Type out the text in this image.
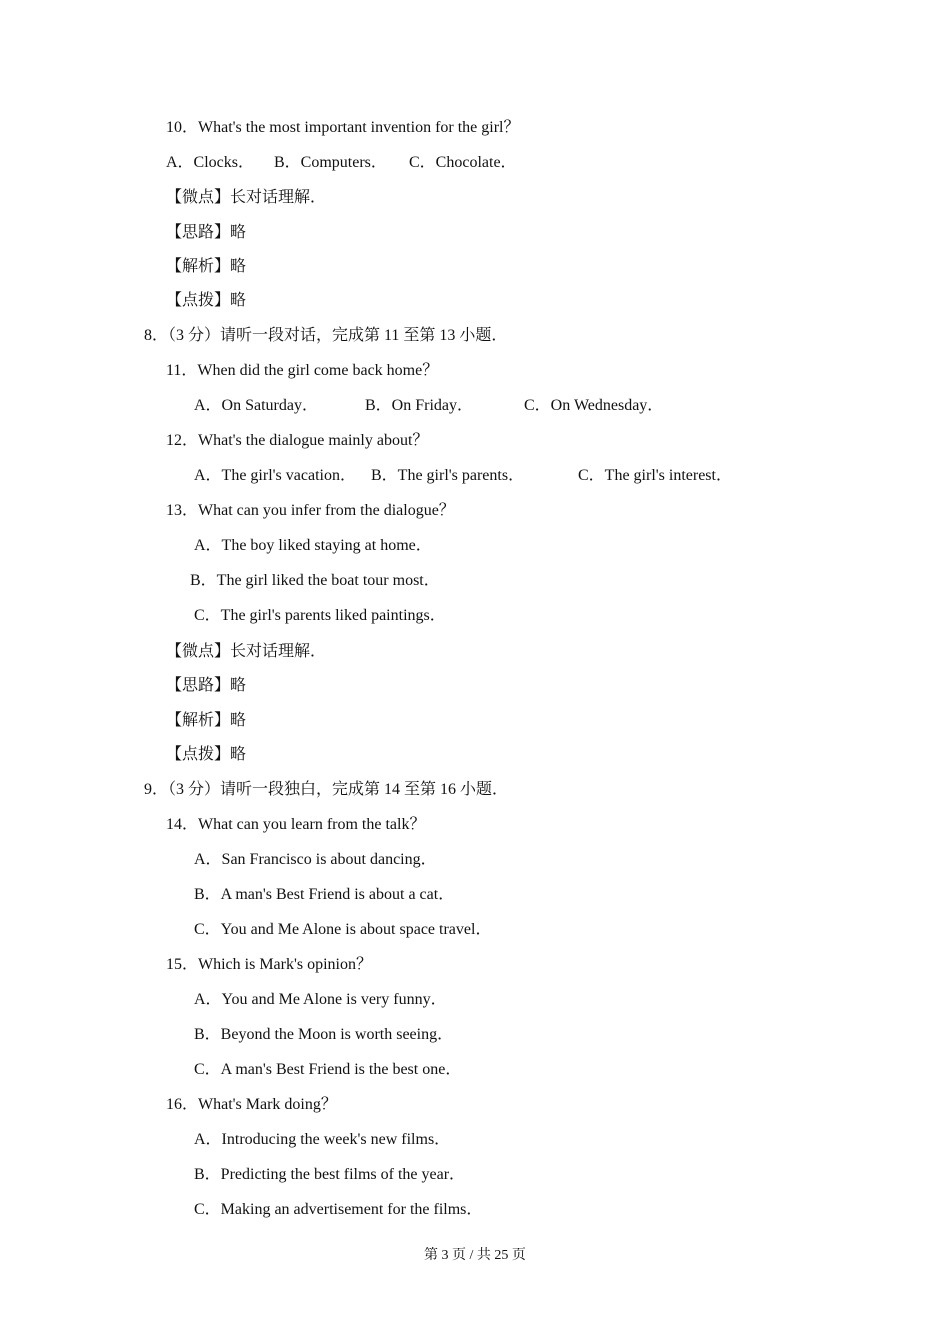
10．What's the most important invention for the girl？
A．Clocks． B．Computers． C．Chocolate．
【微点】长对话理解．
【思路】略
【解析】略
【点拨】略
8．（3 分）请听一段对话，完成第 11 至第 13 小题．
11．When did the girl come back home？
A．On Saturday．	B．On Friday．	C．On Wednesday．
12．What's the dialogue mainly about？
A．The girl's vacation． B．The girl's parents．	C．The girl's interest．
13．What can you infer from the dialogue？
A．The boy liked staying at home．
B．The girl liked the boat tour most．
C．The girl's parents liked paintings．
【微点】长对话理解．
【思路】略
【解析】略
【点拨】略
9．（3 分）请听一段独白，完成第 14 至第 16 小题．
14．What can you learn from the talk？
A．San Francisco is about dancing．
B．A man's Best Friend is about a cat．
C．You and Me Alone is about space travel．
15．Which is Mark's opinion？
A．You and Me Alone is very funny．
B．Beyond the Moon is worth seeing．
C．A man's Best Friend is the best one．
16．What's Mark doing？
A．Introducing the week's new films．
B．Predicting the best films of the year．
C．Making an advertisement for the films．
第 3 页 / 共 25 页
